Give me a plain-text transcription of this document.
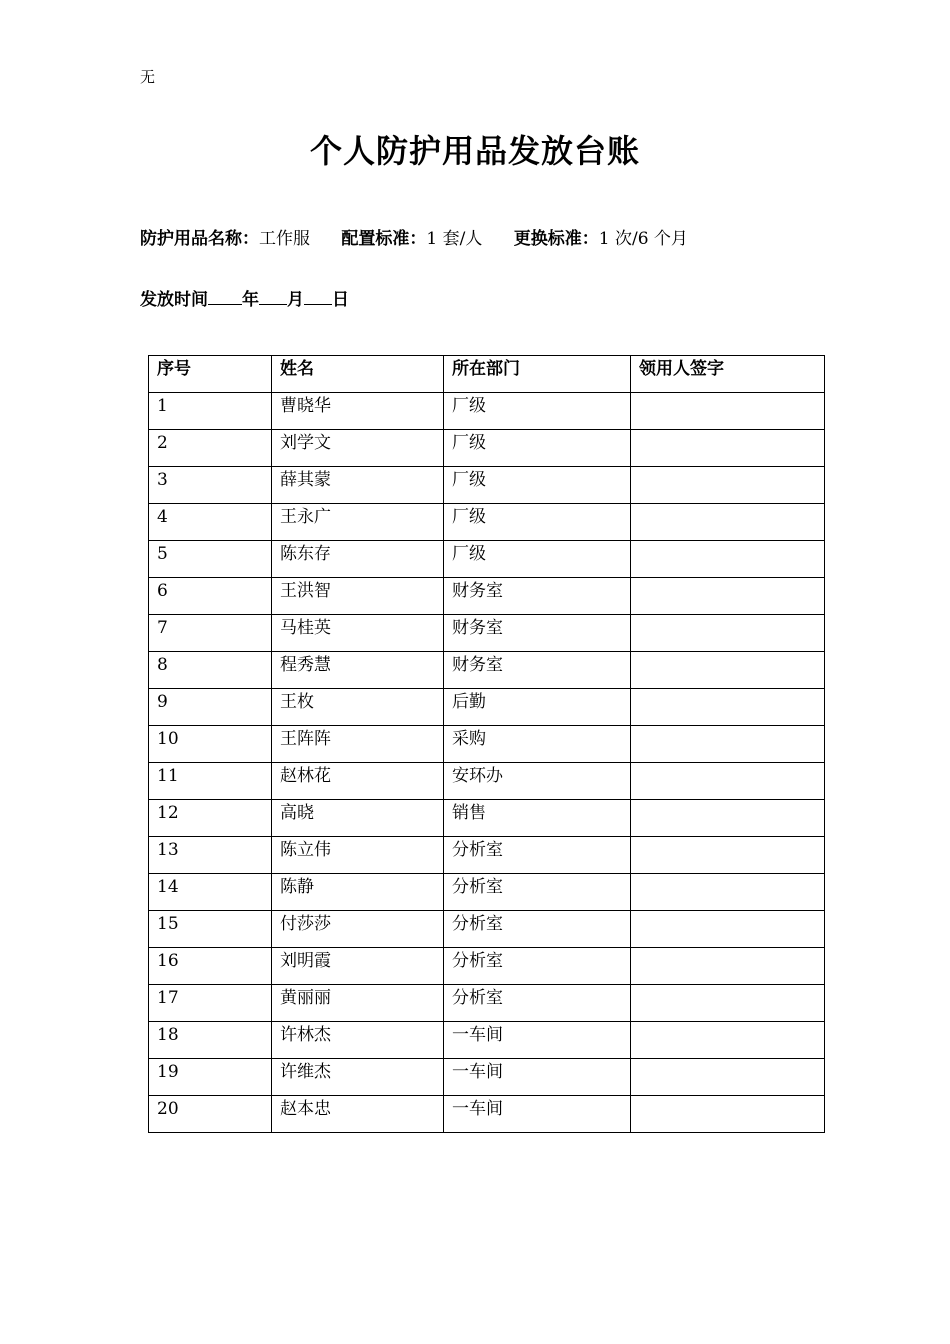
无
个人防护用品发放台账
防护用品名称：工作服 配置标准：1 套/人 更换标准：1 次/6 个月
发放时间 年 月 日
序号	姓名	所在部门	领用人签字
1	曹晓华	厂级	
2	刘学文	厂级	
3	薛其蒙	厂级	
4	王永广	厂级	
5	陈东存	厂级	
6	王洪智	财务室	
7	马桂英	财务室	
8	程秀慧	财务室	
9	王枚	后勤	
10	王阵阵	采购	
11	赵林花	安环办	
12	高晓	销售	
13	陈立伟	分析室	
14	陈静	分析室	
15	付莎莎	分析室	
16	刘明霞	分析室	
17	黄丽丽	分析室	
18	许林杰	一车间	
19	许维杰	一车间	
20	赵本忠	一车间	
